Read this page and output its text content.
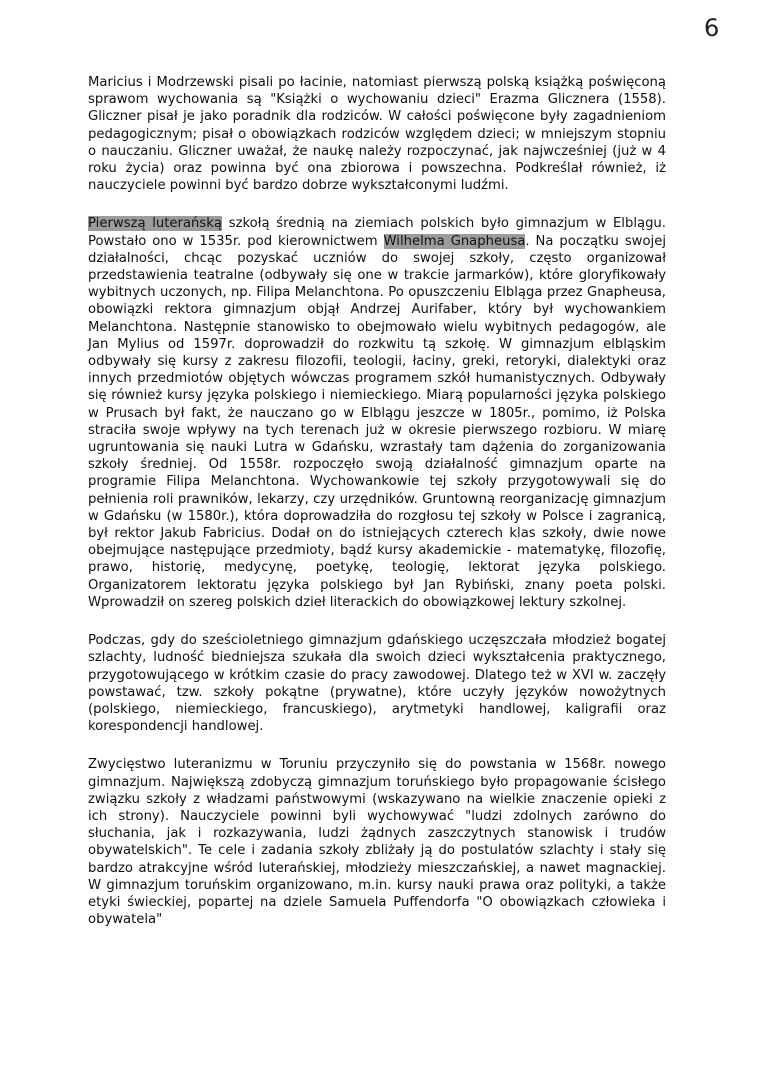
6

Maricius i Modrzewski pisali po łacinie, natomiast pierwszą polską książką poświęconą sprawom wychowania są "Książki o wychowaniu dzieci" Erazma Glicznera (1558). Gliczner pisał je jako poradnik dla rodziców. W całości poświęcone były zagadnieniom pedagogicznym; pisał o obowiązkach rodziców względem dzieci; w mniejszym stopniu o nauczaniu. Gliczner uważał, że naukę należy rozpoczynać, jak najwcześniej (już w 4 roku życia) oraz powinna być ona zbiorowa i powszechna. Podkreślał również, iż nauczyciele powinni być bardzo dobrze wykształconymi ludźmi.

Pierwszą luterańską szkołą średnią na ziemiach polskich było gimnazjum w Elblągu. Powstało ono w 1535r. pod kierownictwem Wilhelma Gnapheusa. Na początku swojej działalności, chcąc pozyskać uczniów do swojej szkoły, często organizował przedstawienia teatralne (odbywały się one w trakcie jarmarków), które gloryfikowały wybitnych uczonych, np. Filipa Melanchtona. Po opuszczeniu Elbląga przez Gnapheusa, obowiązki rektora gimnazjum objął Andrzej Aurifaber, który był wychowankiem Melanchtona. Następnie stanowisko to obejmowało wielu wybitnych pedagogów, ale Jan Mylius od 1597r. doprowadził do rozkwitu tą szkołę. W gimnazjum elbląskim odbywały się kursy z zakresu filozofii, teologii, łaciny, greki, retoryki, dialektyki oraz innych przedmiotów objętych wówczas programem szkół humanistycznych. Odbywały się również kursy języka polskiego i niemieckiego. Miarą popularności języka polskiego w Prusach był fakt, że nauczano go w Elblągu jeszcze w 1805r., pomimo, iż Polska straciła swoje wpływy na tych terenach już w okresie pierwszego rozbioru. W miarę ugruntowania się nauki Lutra w Gdańsku, wzrastały tam dążenia do zorganizowania szkoły średniej. Od 1558r. rozpoczęło swoją działalność gimnazjum oparte na programie Filipa Melanchtona. Wychowankowie tej szkoły przygotowywali się do pełnienia roli prawników, lekarzy, czy urzędników. Gruntowną reorganizację gimnazjum w Gdańsku (w 1580r.), która doprowadziła do rozgłosu tej szkoły w Polsce i zagranicą, był rektor Jakub Fabricius. Dodał on do istniejących czterech klas szkoły, dwie nowe obejmujące następujące przedmioty, bądź kursy akademickie - matematykę, filozofię, prawo, historię, medycynę, poetykę, teologię, lektorat języka polskiego. Organizatorem lektoratu języka polskiego był Jan Rybiński, znany poeta polski. Wprowadził on szereg polskich dzieł literackich do obowiązkowej lektury szkolnej.

Podczas, gdy do sześcioletniego gimnazjum gdańskiego uczęszczała młodzież bogatej szlachty, ludność biedniejsza szukała dla swoich dzieci wykształcenia praktycznego, przygotowującego w krótkim czasie do pracy zawodowej. Dlatego też w XVI w. zaczęły powstawać, tzw. szkoły pokątne (prywatne), które uczyły języków nowożytnych (polskiego, niemieckiego, francuskiego), arytmetyki handlowej, kaligrafii oraz korespondencji handlowej.

Zwycięstwo luteranizmu w Toruniu przyczyniło się do powstania w 1568r. nowego gimnazjum. Największą zdobyczą gimnazjum toruńskiego było propagowanie ścisłego związku szkoły z władzami państwowymi (wskazywano na wielkie znaczenie opieki z ich strony). Nauczyciele powinni byli wychowywać "ludzi zdolnych zarówno do słuchania, jak i rozkazywania, ludzi żądnych zaszczytnych stanowisk i trudów obywatelskich". Te cele i zadania szkoły zbliżały ją do postulatów szlachty i stały się bardzo atrakcyjne wśród luterańskiej, młodzieży mieszczańskiej, a nawet magnackiej. W gimnazjum toruńskim organizowano, m.in. kursy nauki prawa oraz polityki, a także etyki świeckiej, popartej na dziele Samuela Puffendorfa "O obowiązkach człowieka i obywatela"
